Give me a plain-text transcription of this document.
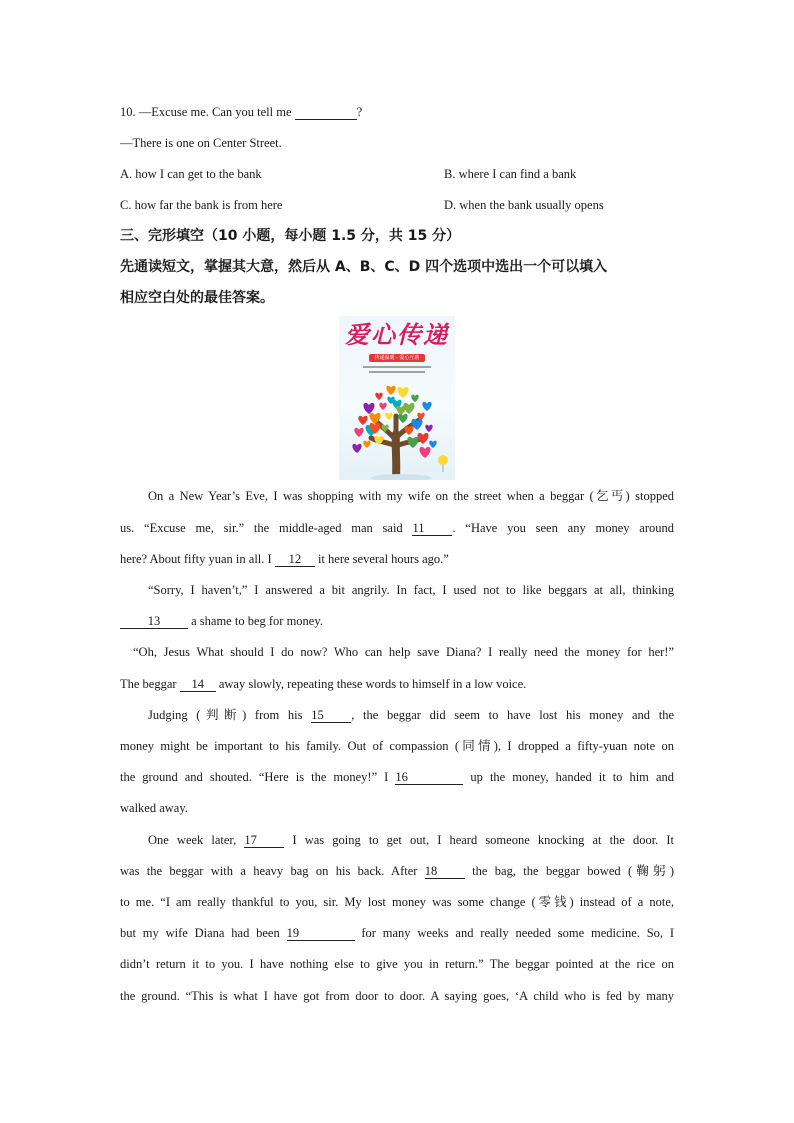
10. —Excuse me. Can you tell me	?
—There is one on Center Street.
A. how I can get to the bank	B. where I can find a bank
C. how far the bank is from here	D. when the bank usually opens
三、完形填空（10 小题，每小题 1.5 分，共 15 分）
先通读短文，掌握其大意，然后从 A、B、C、D 四个选项中选出一个可以填入
相应空白处的最佳答案。
爱心传递
传递温暖 · 爱心互助
On a New Year’s Eve, I was shopping with my wife on the street when a beggar (乞丐) stopped
us. “Excuse me, sir.” the middle-aged man said 11 . “Have you seen any money around
here? About fifty yuan in all. I 12 it here several hours ago.”
“Sorry, I haven’t,” I answered a bit angrily. In fact, I used not to like beggars at all, thinking
13 a shame to beg for money.
“Oh, Jesus What should I do now? Who can help save Diana? I really need the money for her!”
The beggar 14 away slowly, repeating these words to himself in a low voice.
Judging (判断) from his 15 , the beggar did seem to have lost his money and the
money might be important to his family. Out of compassion (同情), I dropped a fifty-yuan note on
the ground and shouted. “Here is the money!” I 16	up the money, handed it to him and
walked away.
One week later, 17	I was going to get out, I heard someone knocking at the door. It
was the beggar with a heavy bag on his back. After 18	the bag, the beggar bowed (鞠躬)
to me. “I am really thankful to you, sir. My lost money was some change (零钱) instead of a note,
but my wife Diana had been 19	for many weeks and really needed some medicine. So, I
didn’t return it to you. I have nothing else to give you in return.” The beggar pointed at the rice on
the ground. “This is what I have got from door to door. A saying goes, ‘A child who is fed by many
